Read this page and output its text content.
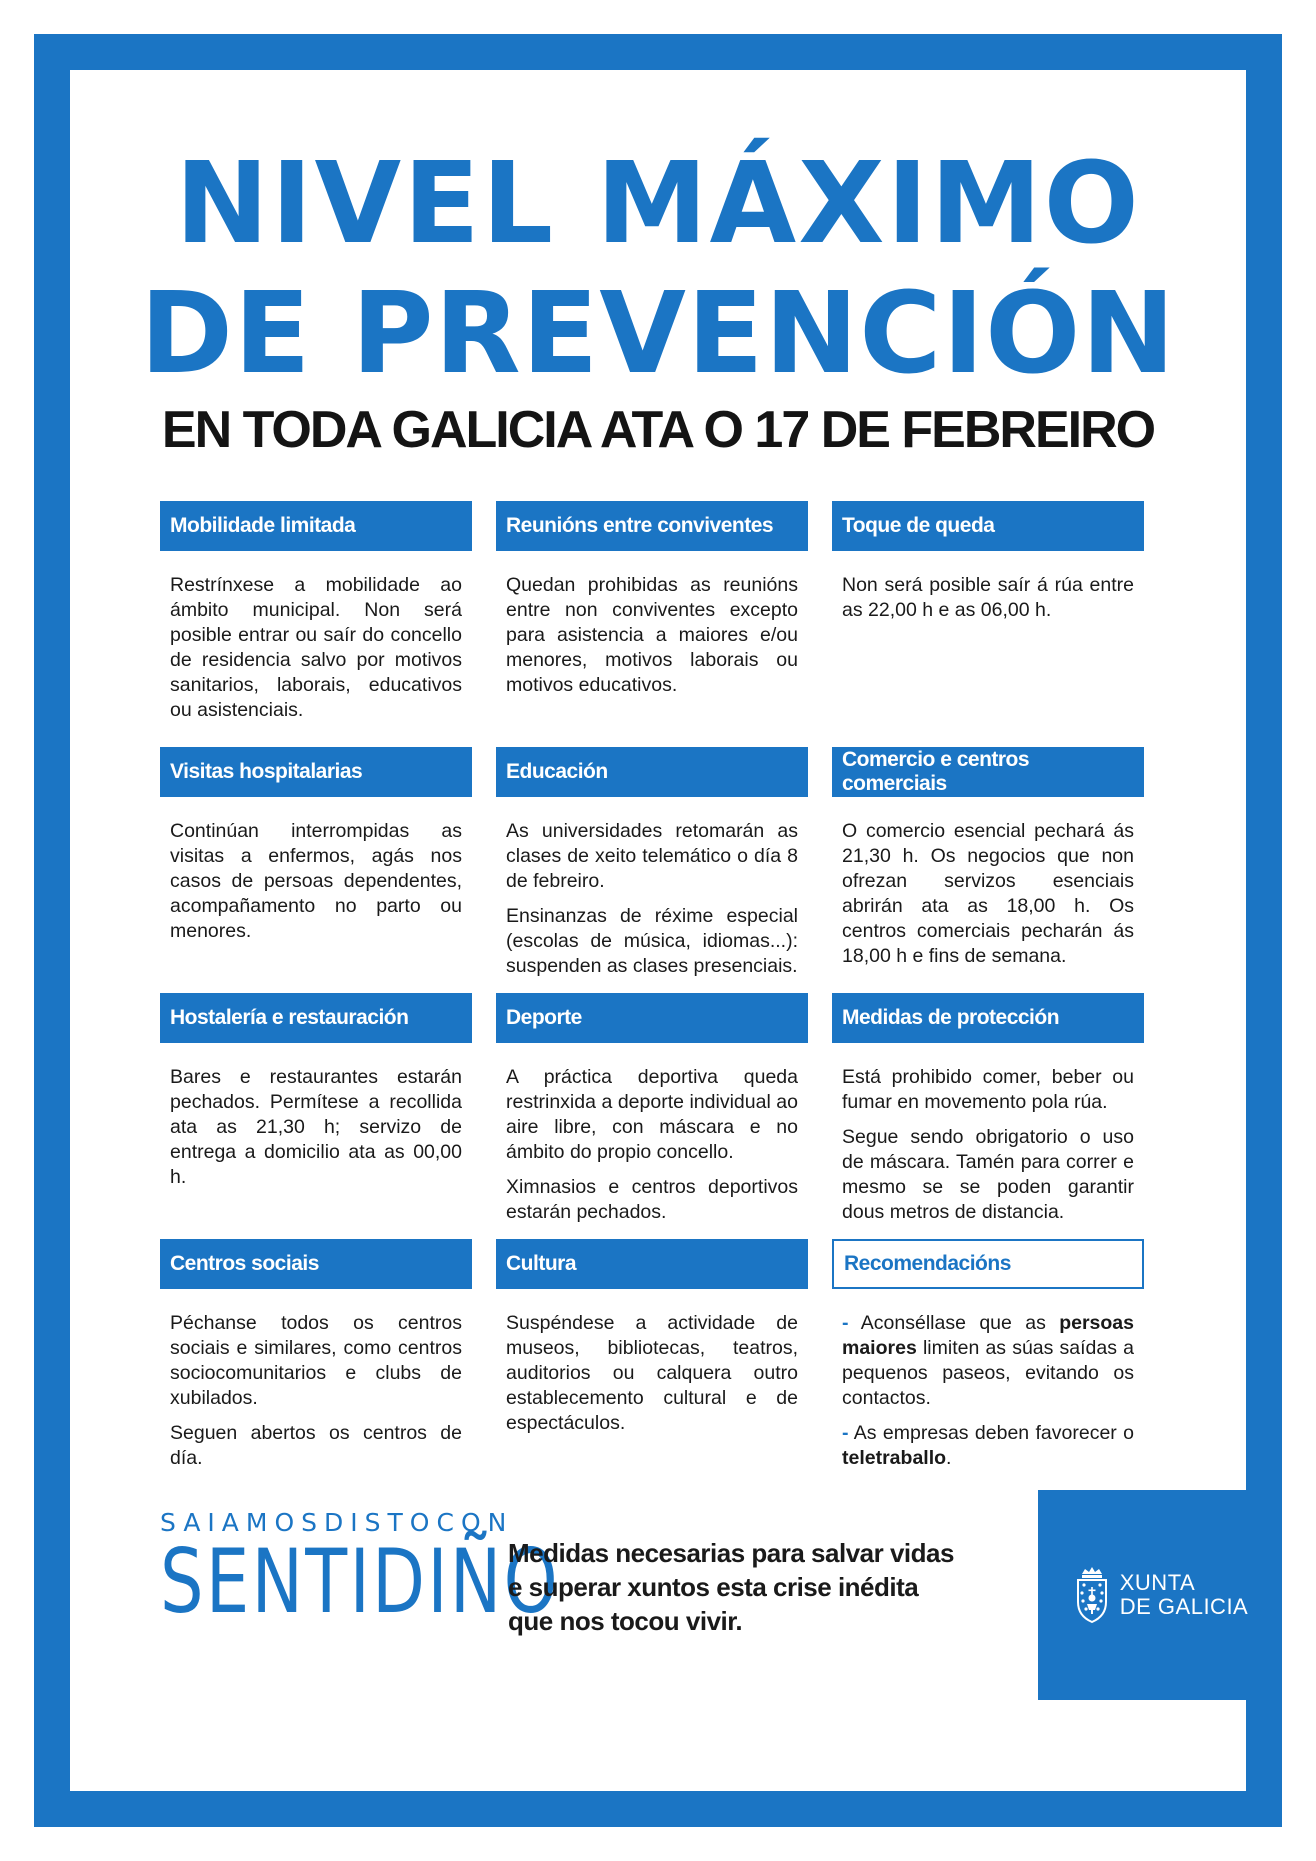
NIVEL MÁXIMO
DE PREVENCIÓN
EN TODA GALICIA ATA O 17 DE FEBREIRO
Mobilidade limitada

Restrínxese a mobilidade ao ámbito municipal. Non será posible entrar ou saír do concello de residencia salvo por motivos sanitarios, laborais, educativos ou asistenciais.

Reunións entre conviventes

Quedan prohibidas as reunións entre non conviventes excepto para asistencia a maiores e/ou menores, motivos laborais ou motivos educativos.

Toque de queda

Non será posible saír á rúa entre as 22,00 h e as 06,00 h.

Visitas hospitalarias

Continúan interrompidas as visitas a enfermos, agás nos casos de persoas dependentes, acompañamento no parto ou menores.

Educación

As universidades retomarán as clases de xeito telemático o día 8 de febreiro.

Ensinanzas de réxime especial (escolas de música, idiomas...): suspenden as clases presenciais.

Comercio e centros comerciais

O comercio esencial pechará ás 21,30 h. Os negocios que non ofrezan servizos esenciais abrirán ata as 18,00 h. Os centros comerciais pecharán ás 18,00 h e fins de semana.

Hostalería e restauración

Bares e restaurantes estarán pechados. Permítese a recollida ata as 21,30 h; servizo de entrega a domicilio ata as 00,00 h.

Deporte

A práctica deportiva queda restrinxida a deporte individual ao aire libre, con máscara e no ámbito do propio concello.

Ximnasios e centros deportivos estarán pechados.

Medidas de protección

Está prohibido comer, beber ou fumar en movemento pola rúa.

Segue sendo obrigatorio o uso de máscara. Tamén para correr e mesmo se se poden garantir dous metros de distancia.

Centros sociais

Péchanse todos os centros sociais e similares, como centros sociocomunitarios e clubs de xubilados.

Seguen abertos os centros de día.

Cultura

Suspéndese a actividade de museos, bibliotecas, teatros, auditorios ou calquera outro establecemento cultural e de espectáculos.

Recomendacións

- Aconséllase que as persoas maiores limiten as súas saídas a pequenos paseos, evitando os contactos.

- As empresas deben favorecer o teletraballo.

SAIAMOS DISTO CON
SENTIDIÑO
Medidas necesarias para salvar vidas
e superar xuntos esta crise inédita
que nos tocou vivir.
XUNTA
DE GALICIA
